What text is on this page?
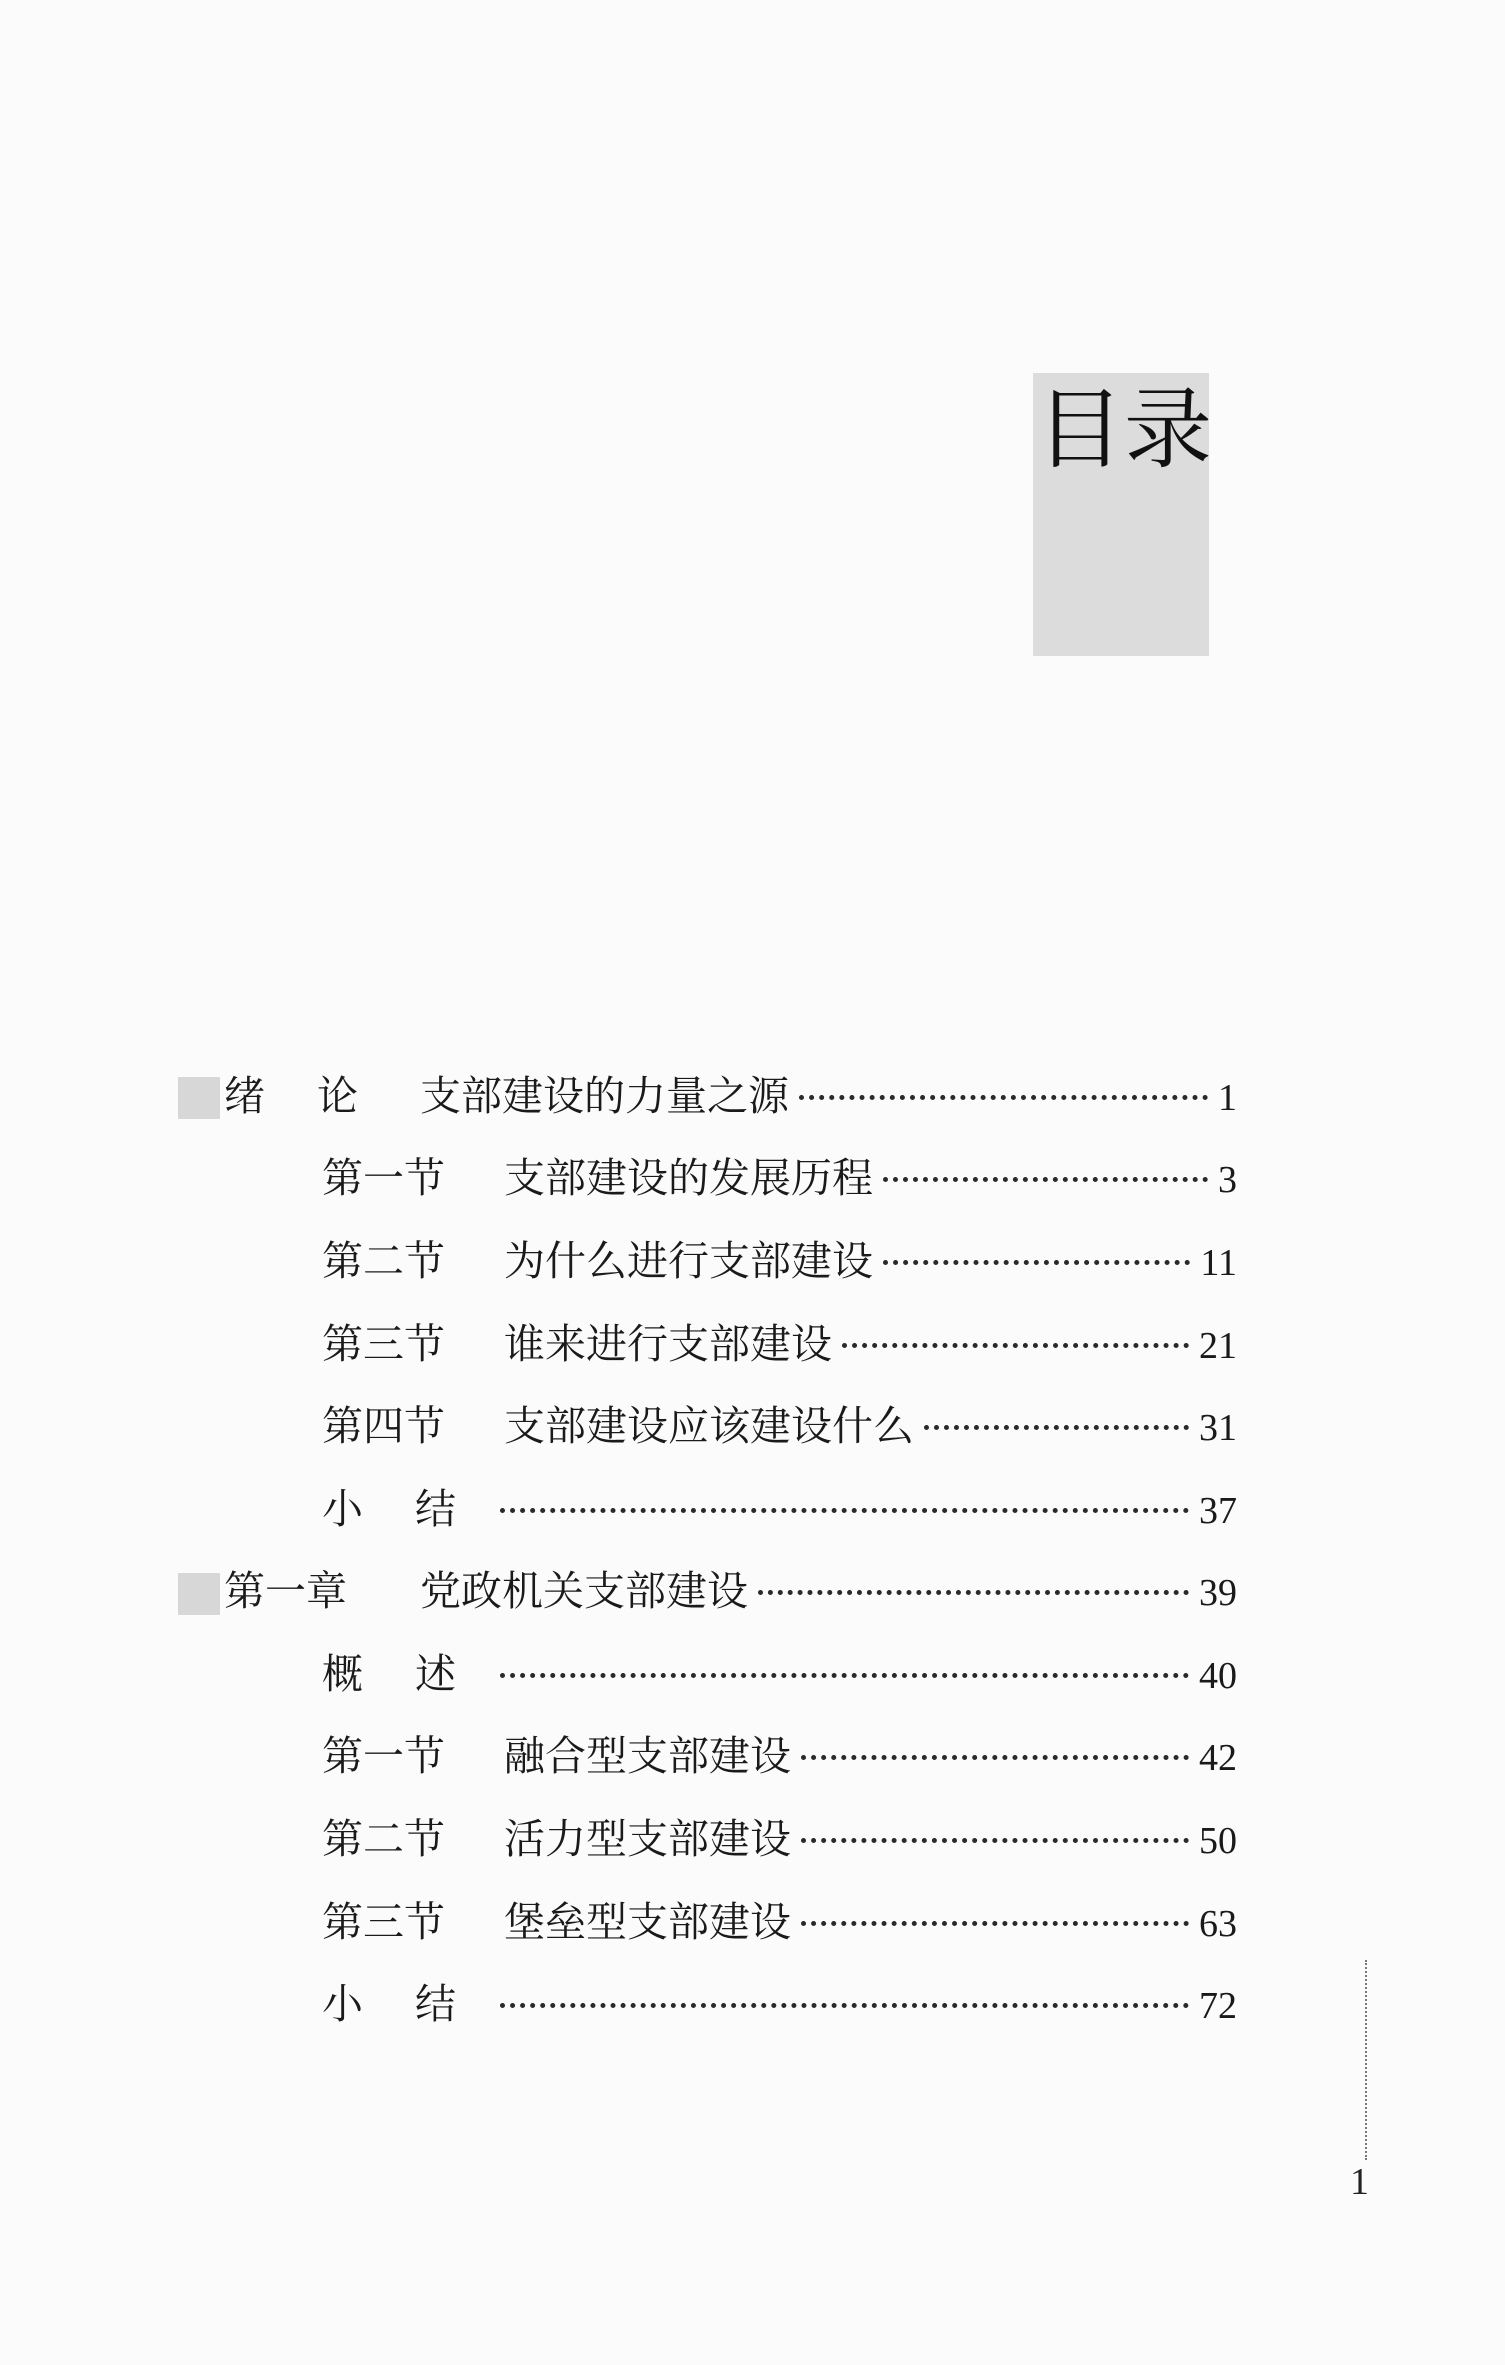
目录
绪论 支部建设的力量之源	1
第一节	支部建设的发展历程	3
第二节	为什么进行支部建设	11
第三节	谁来进行支部建设	21
第四节	支部建设应该建设什么	31
小结	37
第一章	党政机关支部建设	39
概述	40
第一节	融合型支部建设	42
第二节	活力型支部建设	50
第三节	堡垒型支部建设	63
小结	72
1
